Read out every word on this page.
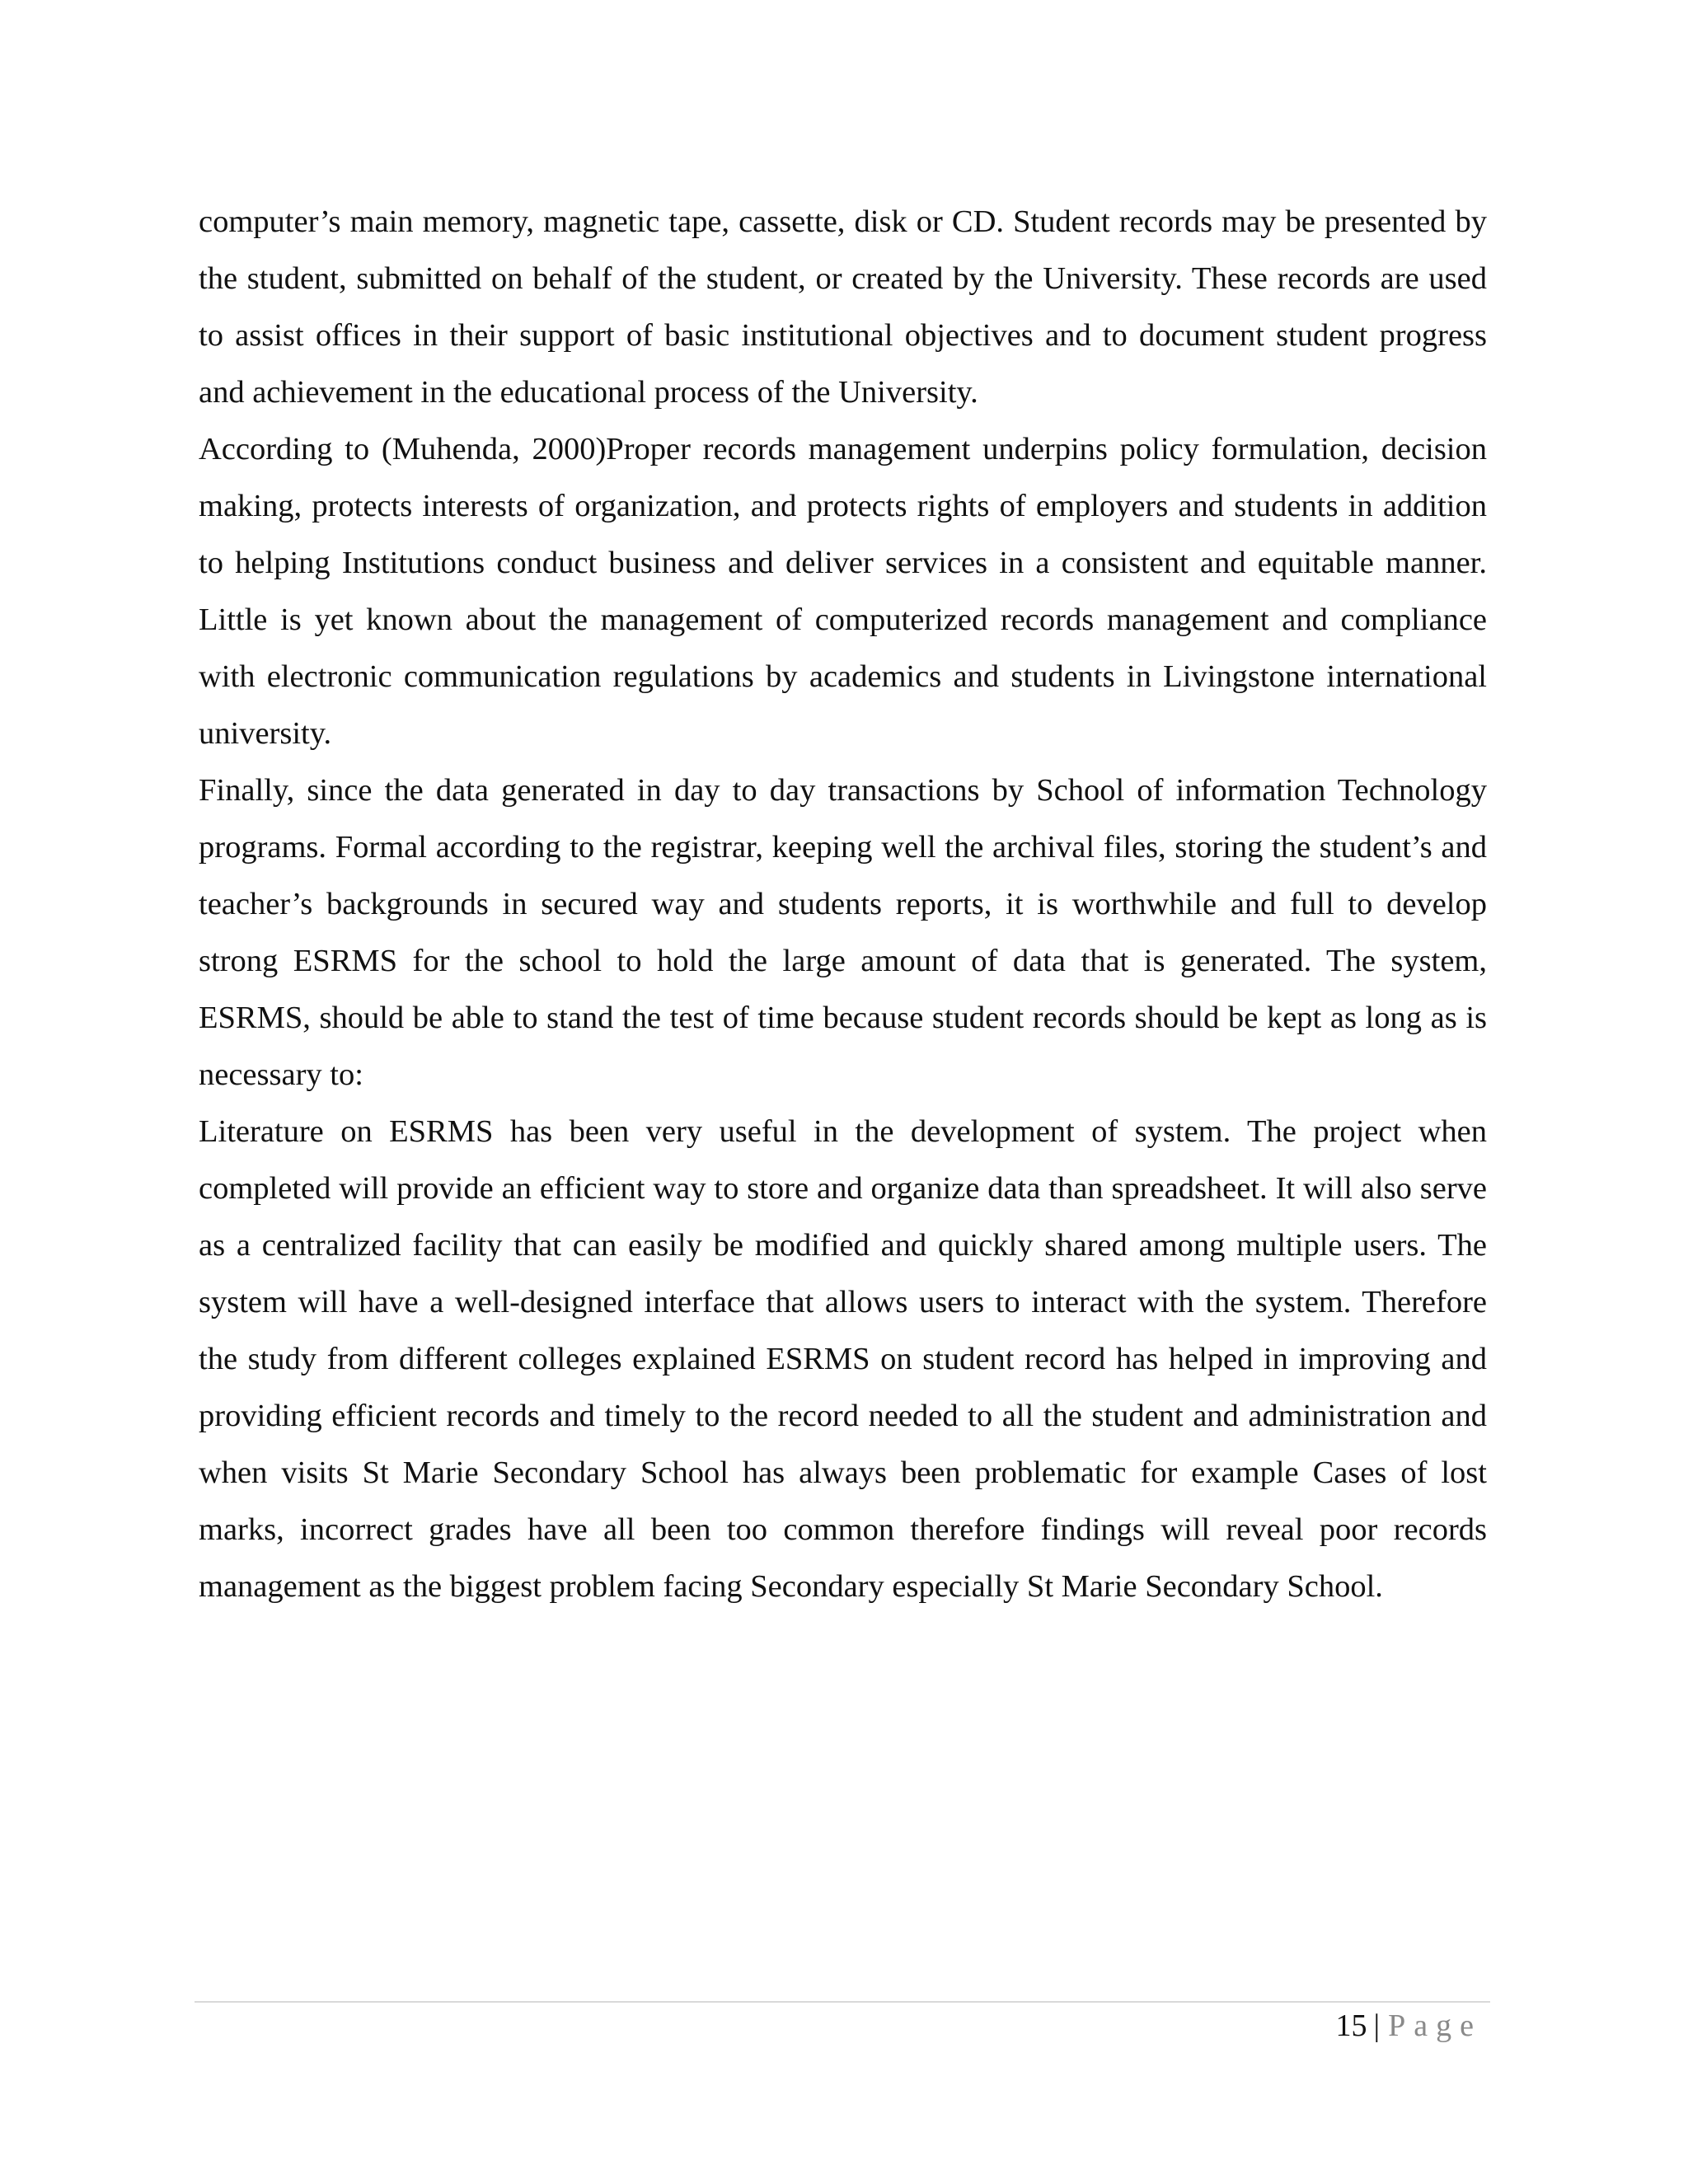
computer’s main memory, magnetic tape, cassette, disk or CD. Student records may be presented by the student, submitted on behalf of the student, or created by the University. These records are used to assist offices in their support of basic institutional objectives and to document student progress and achievement in the educational process of the University.

According to (Muhenda, 2000)Proper records management underpins policy formulation, decision making, protects interests of organization, and protects rights of employers and students in addition to helping Institutions conduct business and deliver services in a consistent and equitable manner. Little is yet known about the management of computerized records management and compliance with electronic communication regulations by academics and students in Livingstone international university.

Finally, since the data generated in day to day transactions by School of information Technology programs. Formal according to the registrar, keeping well the archival files, storing the student’s and teacher’s backgrounds in secured way and students reports, it is worthwhile and full to develop strong ESRMS for the school to hold the large amount of data that is generated. The system, ESRMS, should be able to stand the test of time because student records should be kept as long as is necessary to:

Literature on ESRMS has been very useful in the development of system. The project when completed will provide an efficient way to store and organize data than spreadsheet. It will also serve as a centralized facility that can easily be modified and quickly shared among multiple users. The system will have a well-designed interface that allows users to interact with the system. Therefore the study from different colleges explained ESRMS on student record has helped in improving and providing efficient records and timely to the record needed to all the student and administration and when visits St Marie Secondary School has always been problematic for example Cases of lost marks, incorrect grades have all been too common therefore findings will reveal poor records management as the biggest problem facing Secondary especially St Marie Secondary School.

15 | Page
